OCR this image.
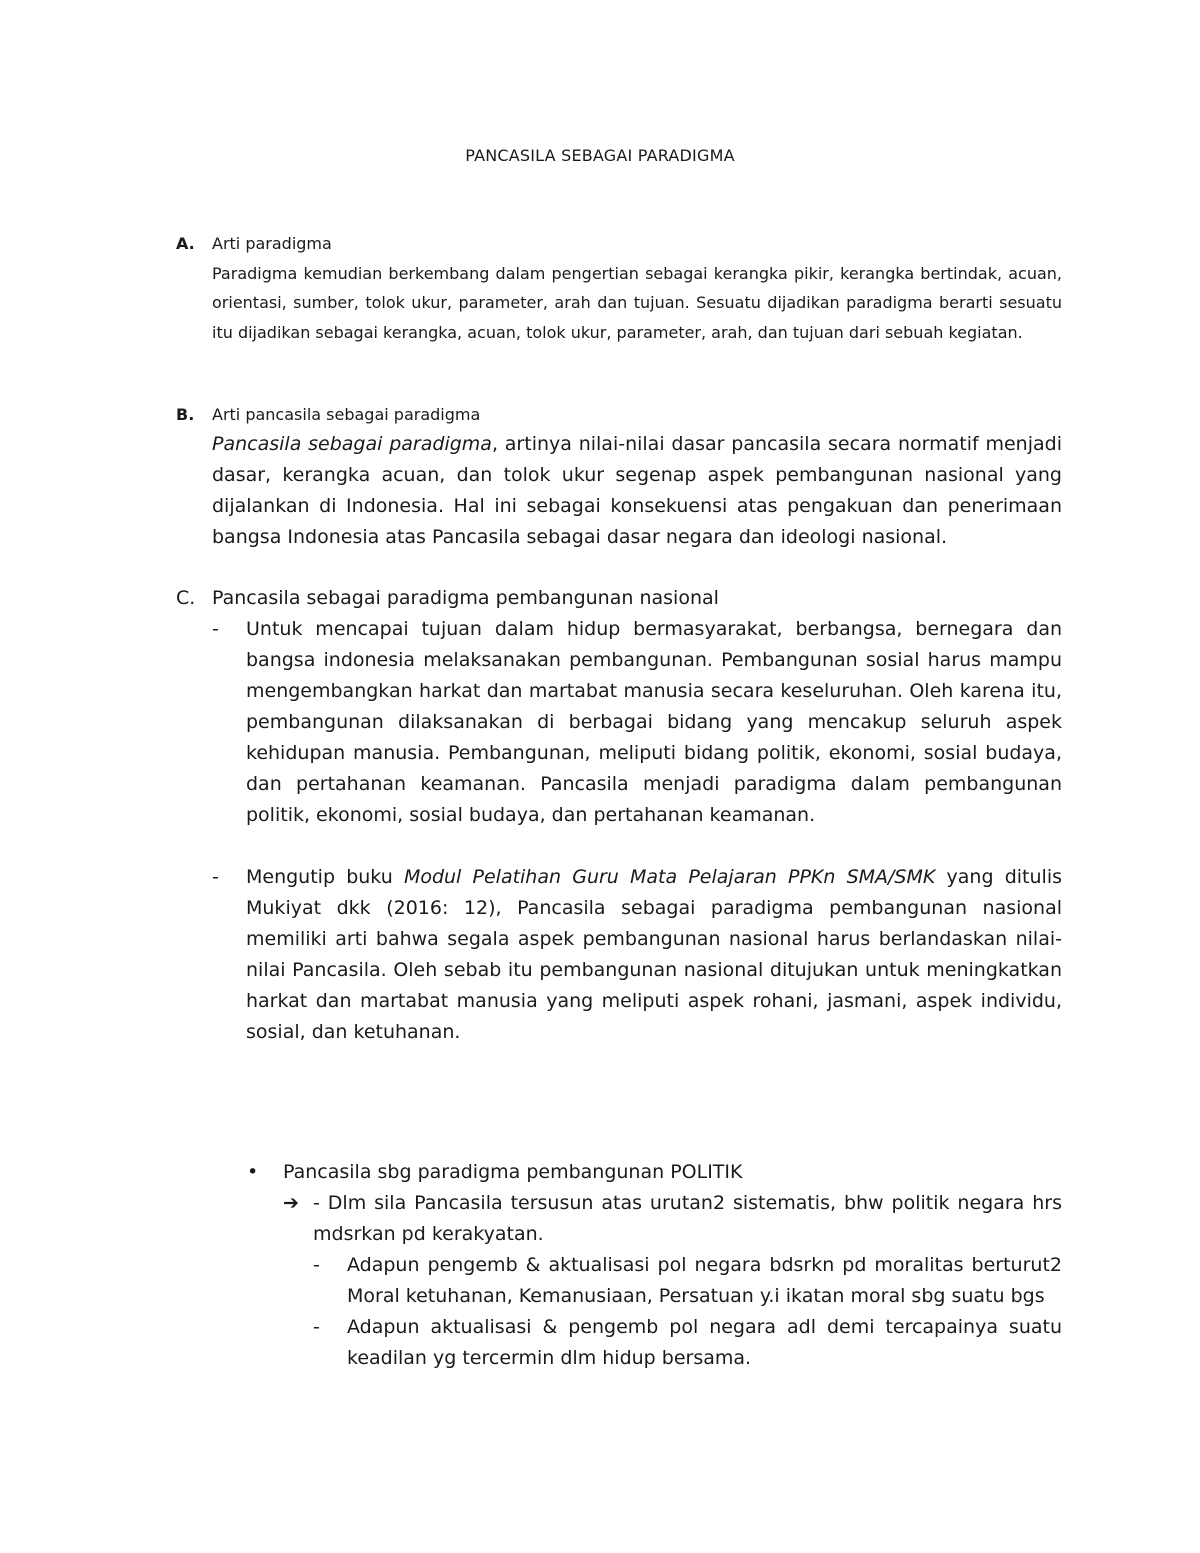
PANCASILA SEBAGAI PARADIGMA
A. Arti paradigma
Paradigma kemudian berkembang dalam pengertian sebagai kerangka pikir, kerangka bertindak, acuan, orientasi, sumber, tolok ukur, parameter, arah dan tujuan. Sesuatu dijadikan paradigma berarti sesuatu itu dijadikan sebagai kerangka, acuan, tolok ukur, parameter, arah, dan tujuan dari sebuah kegiatan.
B. Arti pancasila sebagai paradigma
Pancasila sebagai paradigma, artinya nilai-nilai dasar pancasila secara normatif menjadi dasar, kerangka acuan, dan tolok ukur segenap aspek pembangunan nasional yang dijalankan di Indonesia. Hal ini sebagai konsekuensi atas pengakuan dan penerimaan bangsa Indonesia atas Pancasila sebagai dasar negara dan ideologi nasional.
C. Pancasila sebagai paradigma pembangunan nasional
- Untuk mencapai tujuan dalam hidup bermasyarakat, berbangsa, bernegara dan bangsa indonesia melaksanakan pembangunan. Pembangunan sosial harus mampu mengembangkan harkat dan martabat manusia secara keseluruhan. Oleh karena itu, pembangunan dilaksanakan di berbagai bidang yang mencakup seluruh aspek kehidupan manusia. Pembangunan, meliputi bidang politik, ekonomi, sosial budaya, dan pertahanan keamanan. Pancasila menjadi paradigma dalam pembangunan politik, ekonomi, sosial budaya, dan pertahanan keamanan.
- Mengutip buku Modul Pelatihan Guru Mata Pelajaran PPKn SMA/SMK yang ditulis Mukiyat dkk (2016: 12), Pancasila sebagai paradigma pembangunan nasional memiliki arti bahwa segala aspek pembangunan nasional harus berlandaskan nilai-nilai Pancasila. Oleh sebab itu pembangunan nasional ditujukan untuk meningkatkan harkat dan martabat manusia yang meliputi aspek rohani, jasmani, aspek individu, sosial, dan ketuhanan.
• Pancasila sbg paradigma pembangunan POLITIK
➔ - Dlm sila Pancasila tersusun atas urutan2 sistematis, bhw politik negara hrs mdsrkan pd kerakyatan.
- Adapun pengemb & aktualisasi pol negara bdsrkn pd moralitas berturut2 Moral ketuhanan, Kemanusiaan, Persatuan y.i ikatan moral sbg suatu bgs
- Adapun aktualisasi & pengemb pol negara adl demi tercapainya suatu keadilan yg tercermin dlm hidup bersama.
